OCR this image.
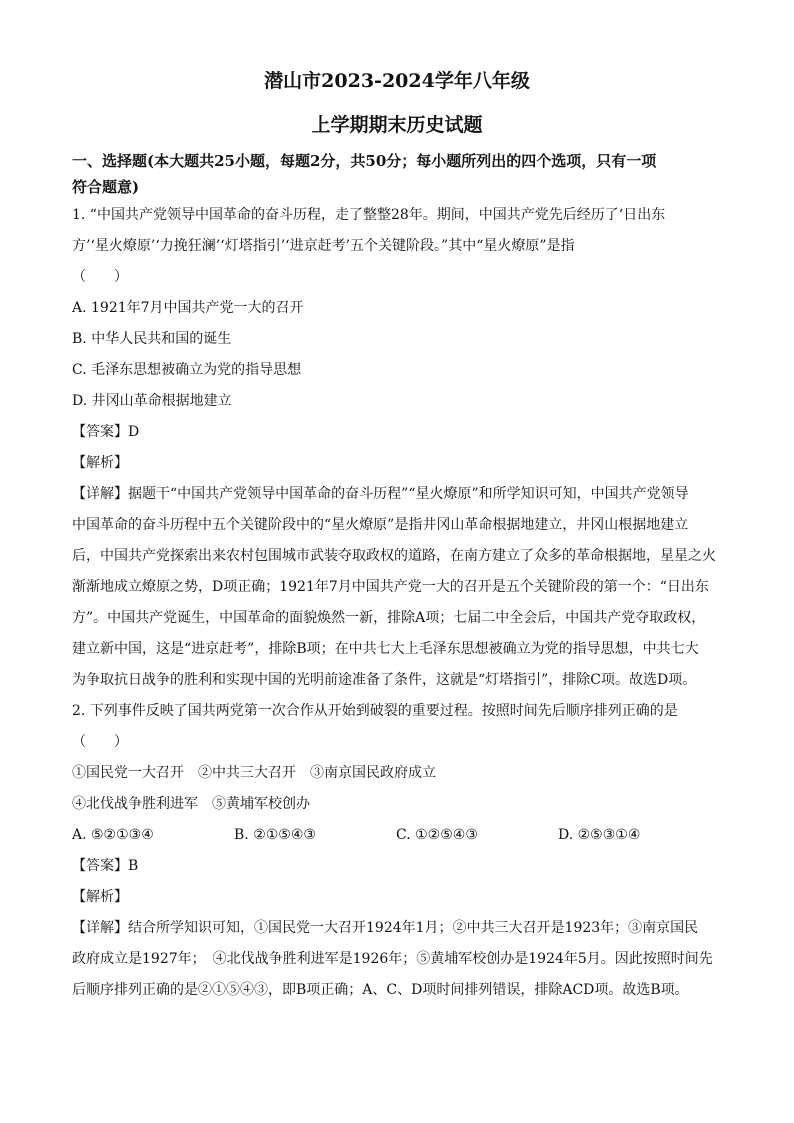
潜山市2023-2024学年八年级
上学期期末历史试题
一、选择题(本大题共25小题，每题2分，共50分；每小题所列出的四个选项，只有一项
符合题意)
1. “中国共产党领导中国革命的奋斗历程，走了整整28年。期间，中国共产党先后经历了‘日出东
方’‘星火燎原’‘力挽狂澜’‘灯塔指引’‘进京赶考’五个关键阶段。”其中“星火燎原”是指
（　　）
A. 1921年7月中国共产党一大的召开
B. 中华人民共和国的诞生
C. 毛泽东思想被确立为党的指导思想
D. 井冈山革命根据地建立
【答案】D
【解析】
【详解】据题干“中国共产党领导中国革命的奋斗历程”“星火燎原”和所学知识可知，中国共产党领导
中国革命的奋斗历程中五个关键阶段中的“星火燎原”是指井冈山革命根据地建立，井冈山根据地建立
后，中国共产党探索出来农村包围城市武装夺取政权的道路，在南方建立了众多的革命根据地，星星之火
渐渐地成立燎原之势，D项正确；1921年7月中国共产党一大的召开是五个关键阶段的第一个：“日出东
方”。中国共产党诞生，中国革命的面貌焕然一新，排除A项；七届二中全会后，中国共产党夺取政权，
建立新中国，这是“进京赶考”，排除B项；在中共七大上毛泽东思想被确立为党的指导思想，中共七大
为争取抗日战争的胜利和实现中国的光明前途准备了条件，这就是“灯塔指引”，排除C项。故选D项。
2. 下列事件反映了国共两党第一次合作从开始到破裂的重要过程。按照时间先后顺序排列正确的是
（　　）
①国民党一大召开　②中共三大召开　③南京国民政府成立
④北伐战争胜利进军　⑤黄埔军校创办
A. ⑤②①③④	B. ②①⑤④③	C. ①②⑤④③	D. ②⑤③①④
【答案】B
【解析】
【详解】结合所学知识可知，①国民党一大召开1924年1月；②中共三大召开是1923年；③南京国民
政府成立是1927年；　④北伐战争胜利进军是1926年；⑤黄埔军校创办是1924年5月。因此按照时间先
后顺序排列正确的是②①⑤④③，即B项正确；A、C、D项时间排列错误，排除ACD项。故选B项。
